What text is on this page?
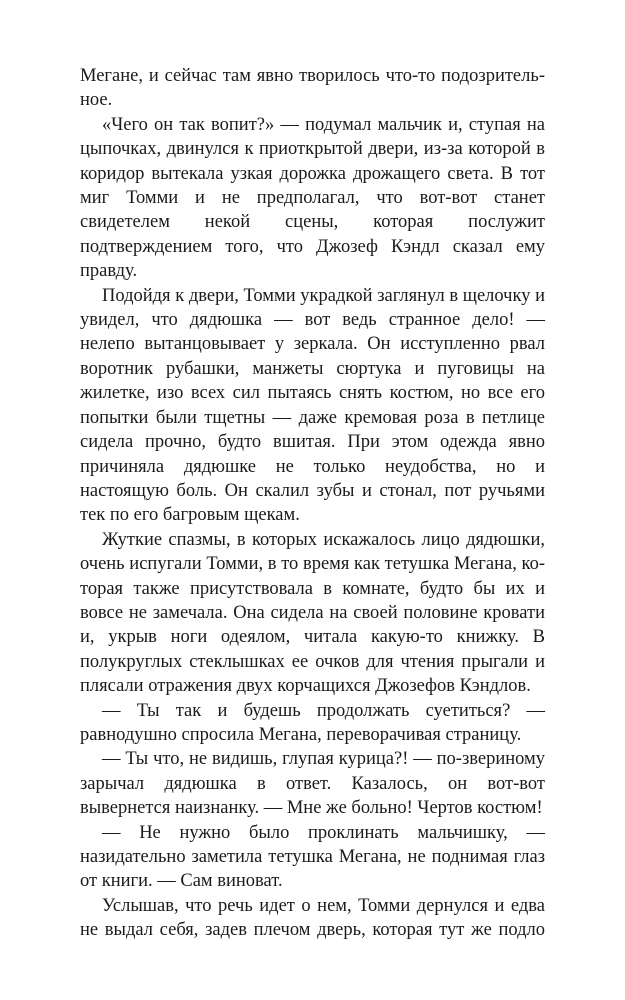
Мегане, и сейчас там явно творилось что-то подозрительное.

«Чего он так вопит?» — подумал мальчик и, ступая на цыпочках, двинулся к приоткрытой двери, из-за которой в коридор вытекала узкая дорожка дрожащего света. В тот миг Томми и не предполагал, что вот-вот станет свидетелем некой сцены, которая послужит подтверждением того, что Джозеф Кэндл сказал ему правду.

Подойдя к двери, Томми украдкой заглянул в щелочку и увидел, что дядюшка — вот ведь странное дело! — нелепо вытанцовывает у зеркала. Он исступленно рвал воротник рубашки, манжеты сюртука и пуговицы на жилетке, изо всех сил пытаясь снять костюм, но все его попытки были тщетны — даже кремовая роза в петлице сидела прочно, будто вшитая. При этом одежда явно причиняла дядюшке не только неудобства, но и настоящую боль. Он скалил зубы и стонал, пот ручьями тек по его багровым щекам.

Жуткие спазмы, в которых искажалось лицо дядюшки, очень испугали Томми, в то время как тетушка Мегана, которая также присутствовала в комнате, будто бы их и вовсе не замечала. Она сидела на своей половине кровати и, укрыв ноги одеялом, читала какую-то книжку. В полукруглых стеклышках ее очков для чтения прыгали и плясали отражения двух корчащихся Джозефов Кэндлов.

— Ты так и будешь продолжать суетиться? — равнодушно спросила Мегана, переворачивая страницу.

— Ты что, не видишь, глупая курица?! — по-звериному зарычал дядюшка в ответ. Казалось, он вот-вот вывернется наизнанку. — Мне же больно! Чертов костюм!

— Не нужно было проклинать мальчишку, — назидательно заметила тетушка Мегана, не поднимая глаз от книги. — Сам виноват.

Услышав, что речь идет о нем, Томми дернулся и едва не выдал себя, задев плечом дверь, которая тут же подло
